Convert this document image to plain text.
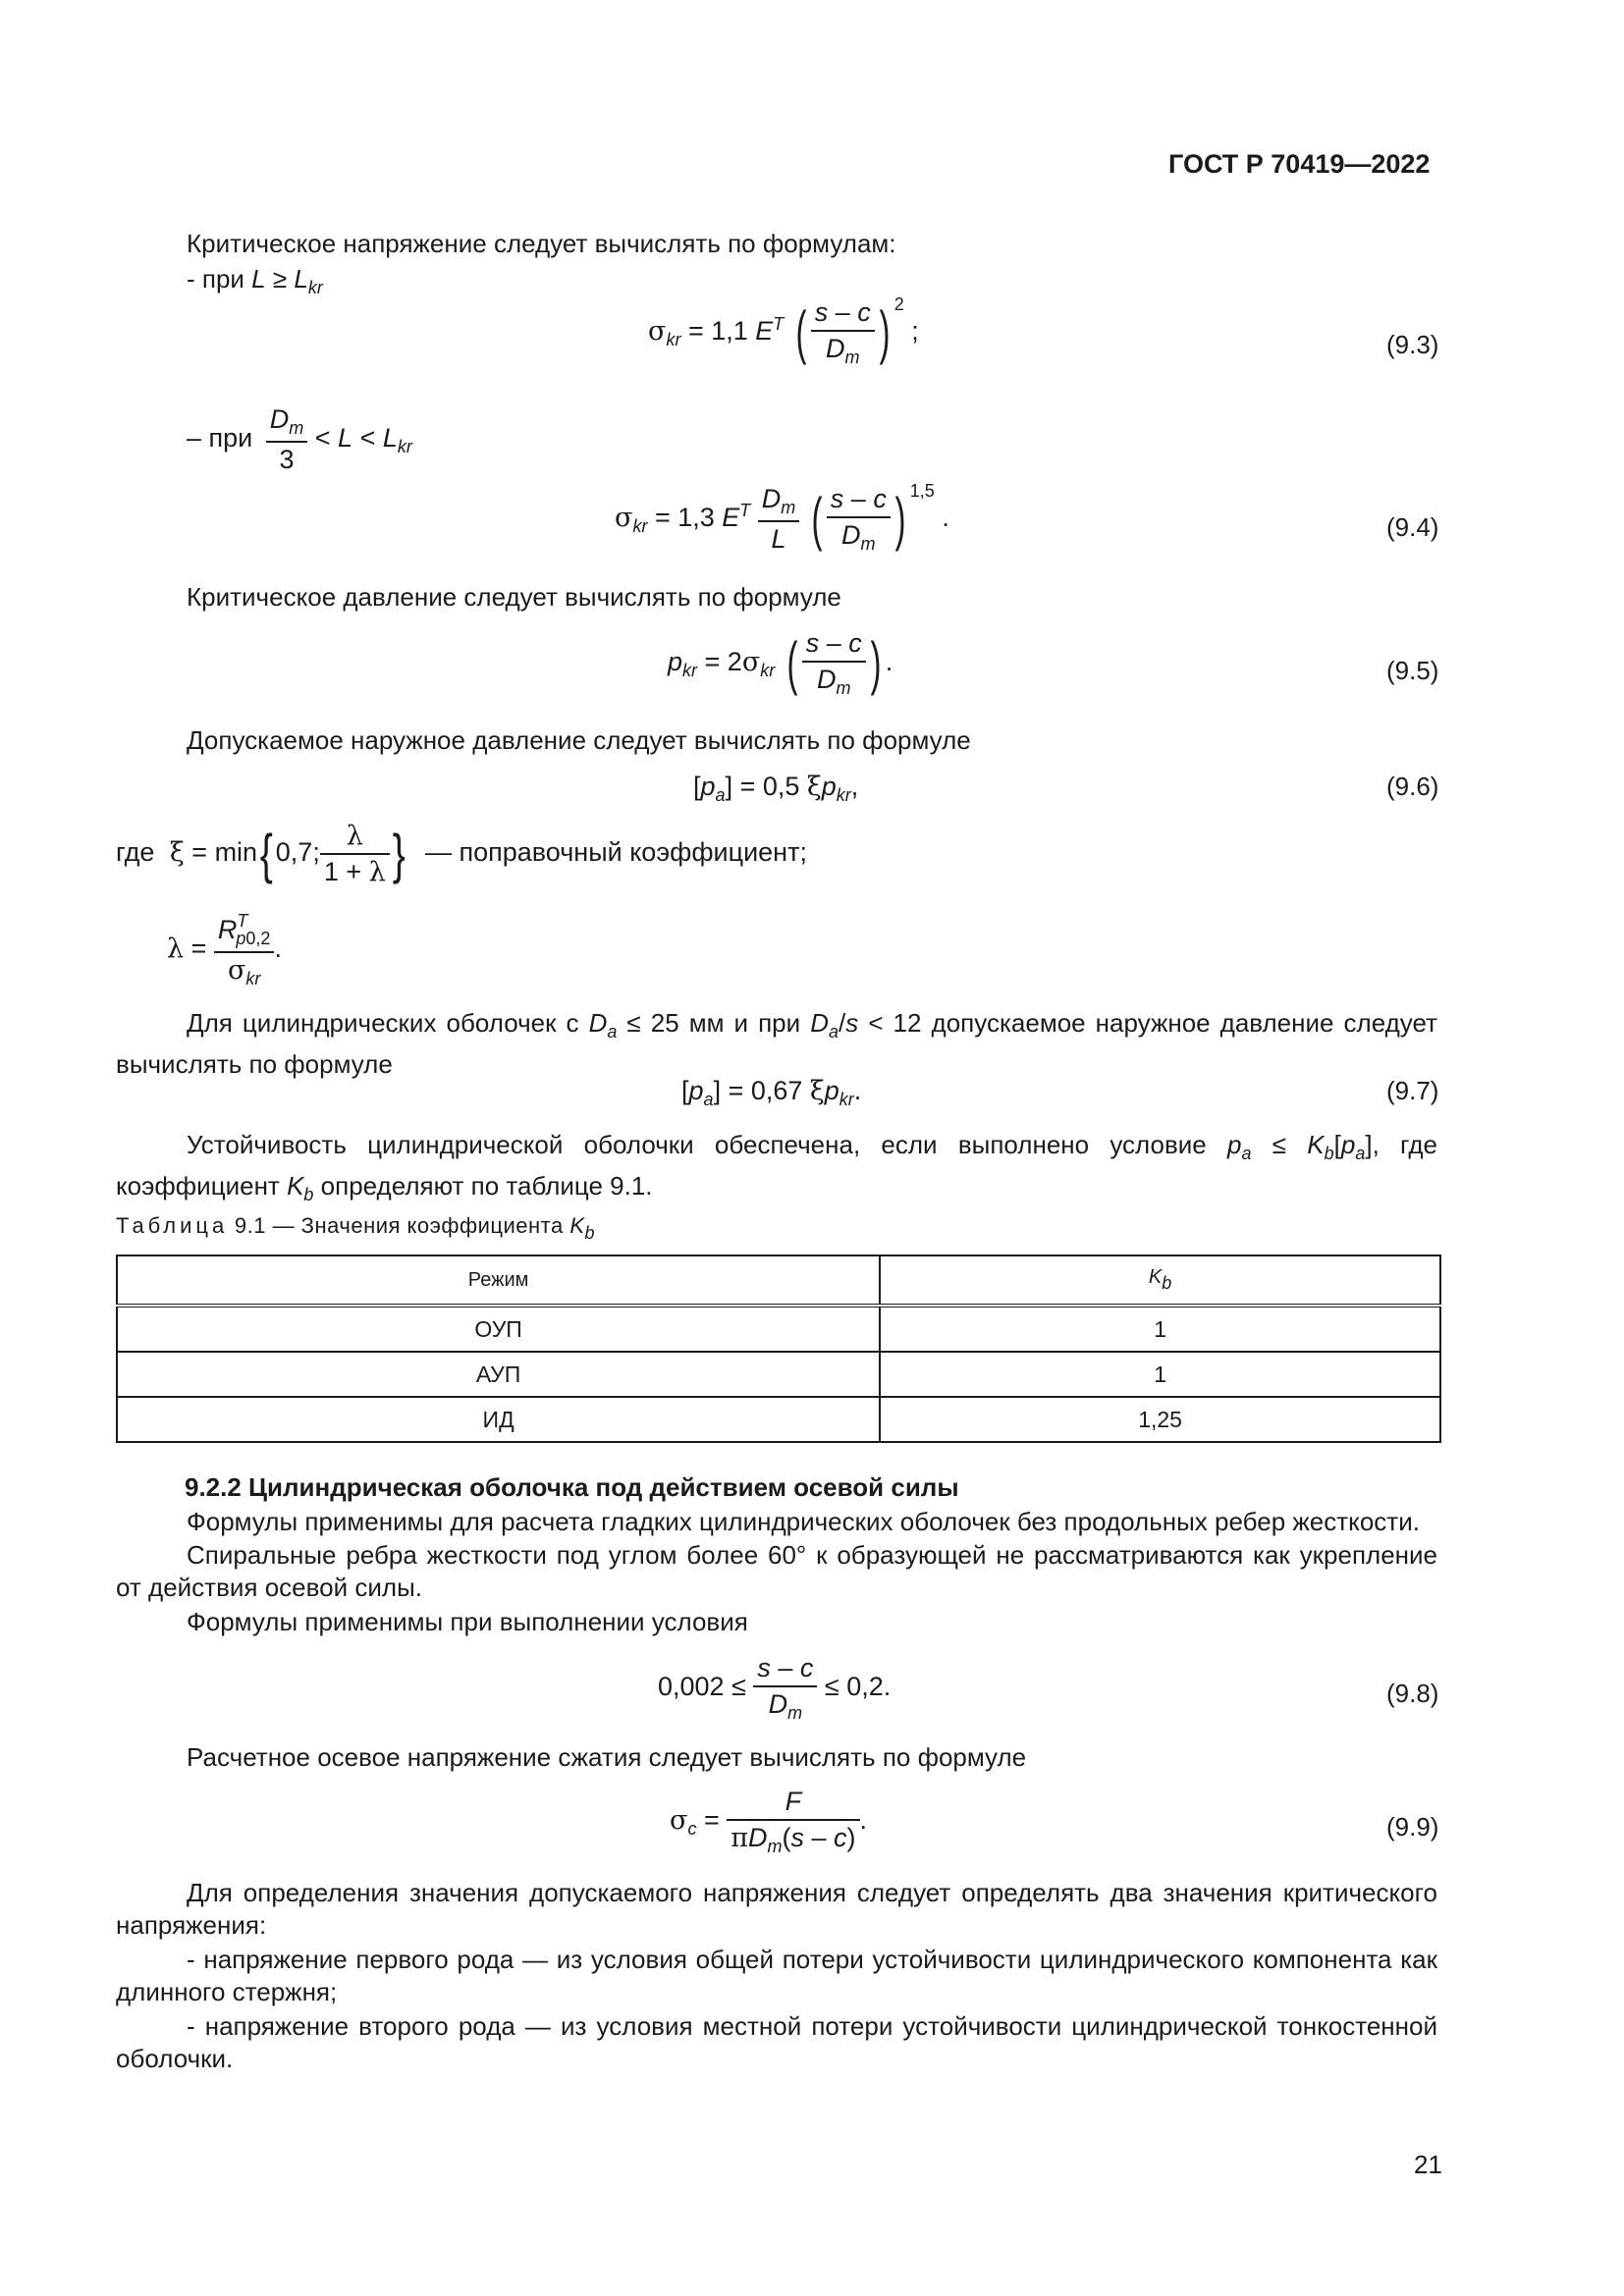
ГОСТ Р 70419—2022
Критическое напряжение следует вычислять по формулам:
- при $L \ge L_{kr}$
$\sigma_{kr} = 1,1$ $E^T$ ( $\frac{s - c}{D_m}$ ) $^2$ ;	(9.3)
– при $\frac{D_m}{3} < L < L_{kr}$
$\sigma_{kr} = 1,3$ $E^T \frac{D_m}{L}$ ( $\frac{s - c}{D_m}$ ) $^{1,5}$ .	(9.4)
Критическое давление следует вычислять по формуле
$p_{kr} = 2\sigma_{kr}$ ( $\frac{s - c}{D_m}$ ) .	(9.5)
Допускаемое наружное давление следует вычислять по формуле
$[p_a] = 0,5$ $\xi p_{kr}$,	(9.6)
где ξ = min{ 0,7; $\frac{\lambda}{1 + \lambda}$ } — поправочный коэффициент;
$\lambda = \frac{R^T_{p0,2}}{\sigma_{kr}}$ .
Для цилиндрических оболочек с $D_a \le 25$ мм и при $D_a/s < 12$ допускаемое наружное давление следует вычислять по формуле
$[p_a] = 0,67$ $\xi p_{kr}$.	(9.7)
Устойчивость цилиндрической оболочки обеспечена, если выполнено условие $p_a \le K_b[p_a]$, где коэффициент $K_b$ определяют по таблице 9.1.
Таблица 9.1 — Значения коэффициента $K_b$
Режим	$K_b$
ОУП	1
АУП	1
ИД	1,25
9.2.2 Цилиндрическая оболочка под действием осевой силы
Формулы применимы для расчета гладких цилиндрических оболочек без продольных ребер жесткости.
Спиральные ребра жесткости под углом более 60° к образующей не рассматриваются как укрепление от действия осевой силы.
Формулы применимы при выполнении условия
$0,002 \le \frac{s - c}{D_m} \le 0,2$.	(9.8)
Расчетное осевое напряжение сжатия следует вычислять по формуле
$\sigma_c = \frac{F}{\pi D_m(s - c)}$ .	(9.9)
Для определения значения допускаемого напряжения следует определять два значения критического напряжения:
- напряжение первого рода — из условия общей потери устойчивости цилиндрического компонента как длинного стержня;
- напряжение второго рода — из условия местной потери устойчивости цилиндрической тонкостенной оболочки.
21
